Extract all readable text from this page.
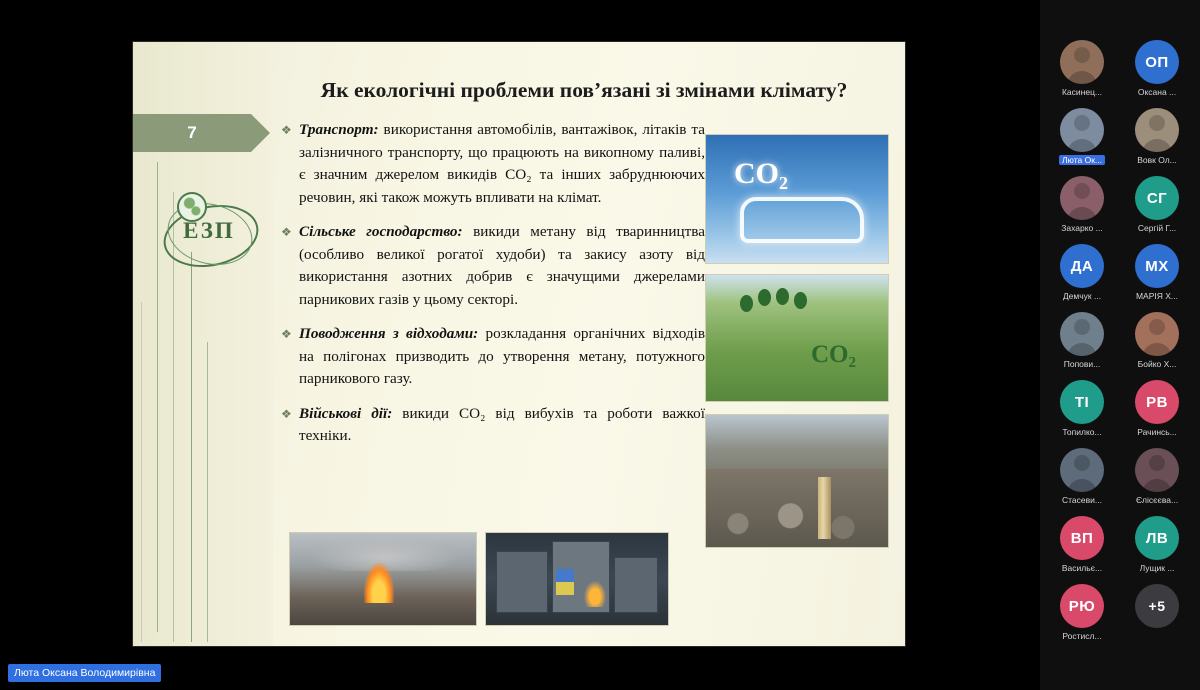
7
ЕЗП
Як екологічні проблеми пов’язані зі змінами клімату?
❖ Транспорт: використання автомобілів, вантажівок, літаків та залізничного транспорту, що працюють на викопному паливі, є значним джерелом викидів СО₂ та інших забруднюючих речовин, які також можуть впливати на клімат.
❖ Сільське господарство: викиди метану від тваринництва (особливо великої рогатої худоби) та закису азоту від використання азотних добрив є значущими джерелами парникових газів у цьому секторі.
❖ Поводження з відходами: розкладання органічних відходів на полігонах призводить до утворення метану, потужного парникового газу.
❖ Військові дії: викиди СО₂ від вибухів та роботи важкої техніки.
CO₂
CO₂
Люта Оксана Володимирівна
Касинец...
ОП
Оксана ...
Люта Ок...	Вовк Ол...
Захарко ...
СГ
Сергій Г...
ДА
Демчук ...
МХ
МАРІЯ Х...
Попови...	Бойко Х...
ТІ
Топилко...
РВ
Рачинсь...
Стасеви...	Єлісєєва...
ВП
Васильє...
ЛВ
Лущик ...
РЮ
Ростисл...
+5
